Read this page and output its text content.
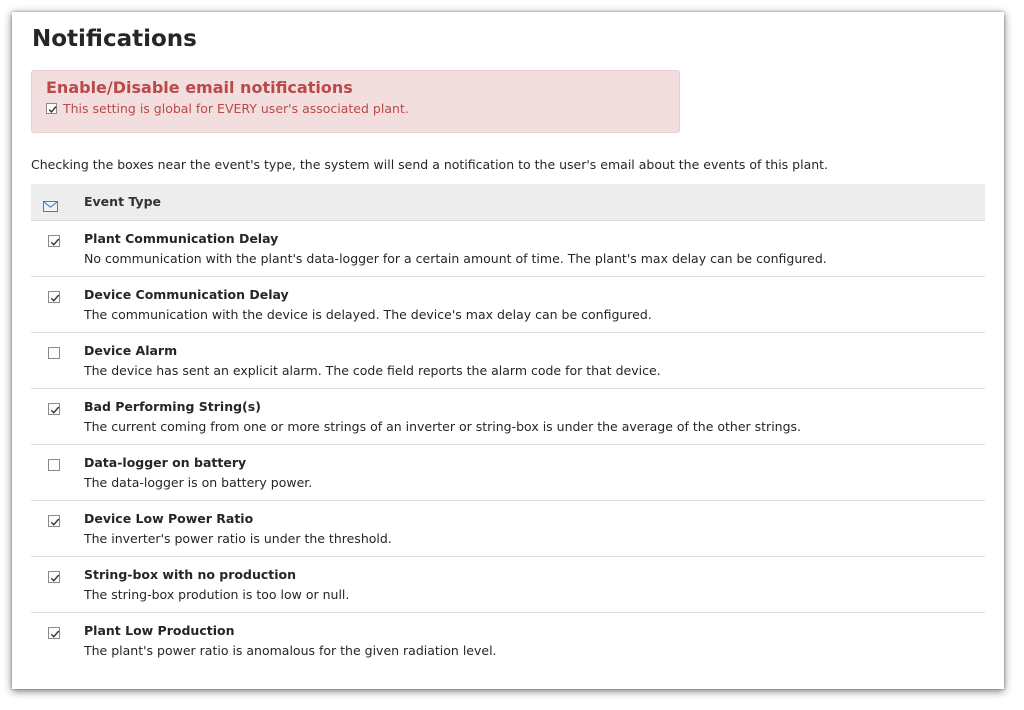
Notifications
Enable/Disable email notifications
This setting is global for EVERY user's associated plant.
Checking the boxes near the event's type, the system will send a notification to the user's email about the events of this plant.
Event Type
Plant Communication Delay
No communication with the plant's data-logger for a certain amount of time. The plant's max delay can be configured.
Device Communication Delay
The communication with the device is delayed. The device's max delay can be configured.
Device Alarm
The device has sent an explicit alarm. The code field reports the alarm code for that device.
Bad Performing String(s)
The current coming from one or more strings of an inverter or string-box is under the average of the other strings.
Data-logger on battery
The data-logger is on battery power.
Device Low Power Ratio
The inverter's power ratio is under the threshold.
String-box with no production
The string-box prodution is too low or null.
Plant Low Production
The plant's power ratio is anomalous for the given radiation level.
